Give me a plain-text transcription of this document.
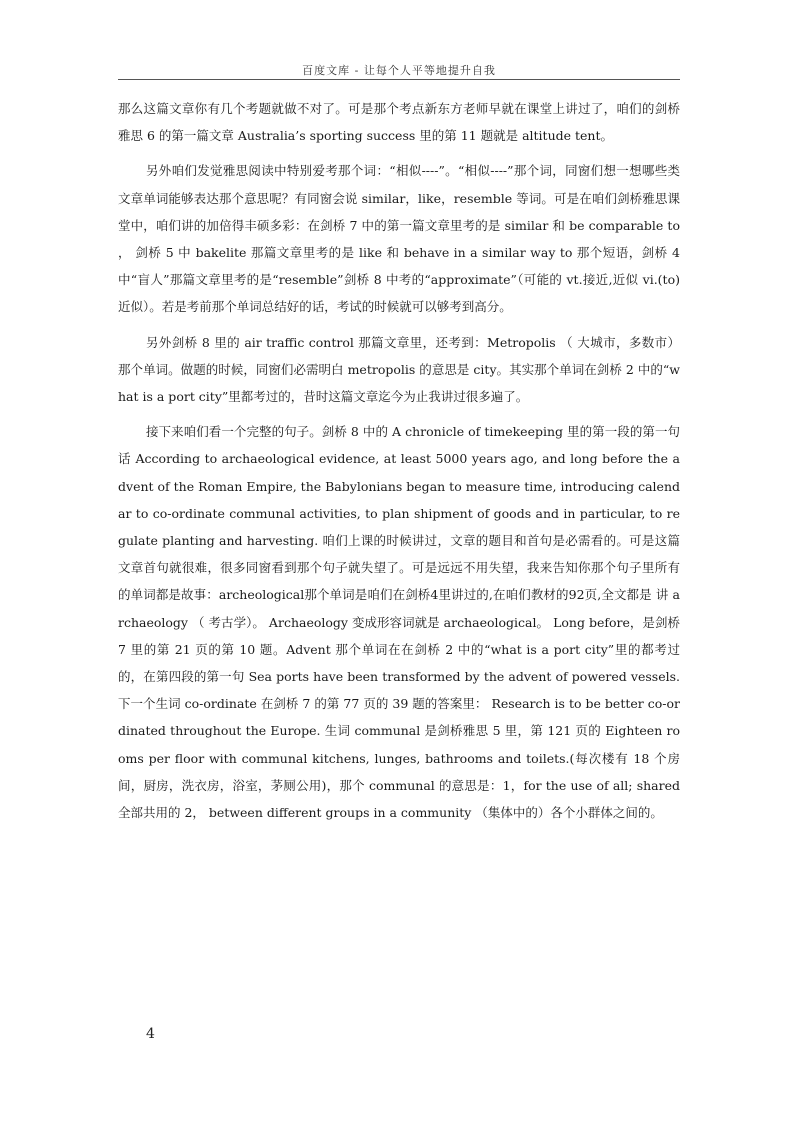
百度文库 - 让每个人平等地提升自我

那么这篇文章你有几个考题就做不对了。可是那个考点新东方老师早就在课堂上讲过了，咱们的剑桥雅思 6 的第一篇文章 Australia’s sporting success 里的第 11 题就是 altitude tent。

另外咱们发觉雅思阅读中特别爱考那个词：“相似----”。“相似----”那个词，同窗们想一想哪些类文章单词能够表达那个意思呢？有同窗会说 similar，like，resemble 等词。可是在咱们剑桥雅思课堂中，咱们讲的加倍得丰硕多彩：在剑桥 7 中的第一篇文章里考的是 similar 和 be comparable to ， 剑桥 5 中 bakelite 那篇文章里考的是 like 和 behave in a similar way to 那个短语，剑桥 4 中“盲人”那篇文章里考的是“resemble”剑桥 8 中考的“approximate”（可能的 vt.接近,近似 vi.(to)近似）。若是考前那个单词总结好的话，考试的时候就可以够考到高分。

另外剑桥 8 里的 air traffic control 那篇文章里，还考到：Metropolis （ 大城市，多数市）那个单词。做题的时候，同窗们必需明白 metropolis 的意思是 city。其实那个单词在剑桥 2 中的“what is a port city”里都考过的，昔时这篇文章迄今为止我讲过很多遍了。

接下来咱们看一个完整的句子。剑桥 8 中的 A chronicle of timekeeping 里的第一段的第一句话 According to archaeological evidence, at least 5000 years ago, and long before the advent of the Roman Empire, the Babylonians began to measure time, introducing calendar to co-ordinate communal activities, to plan shipment of goods and in particular, to regulate planting and harvesting. 咱们上课的时候讲过，文章的题目和首句是必需看的。可是这篇文章首句就很难，很多同窗看到那个句子就失望了。可是远远不用失望，我来告知你那个句子里所有的单词都是故事：archeological那个单词是咱们在剑桥4里讲过的,在咱们教材的92页,全文都是 讲 archaeology （ 考古学）。 Archaeology 变成形容词就是 archaeological。 Long before，是剑桥 7 里的第 21 页的第 10 题。Advent 那个单词在在剑桥 2 中的“what is a port city”里的都考过的，在第四段的第一句 Sea ports have been transformed by the advent of powered vessels. 下一个生词 co-ordinate 在剑桥 7 的第 77 页的 39 题的答案里： Research is to be better co-ordinated throughout the Europe. 生词 communal 是剑桥雅思 5 里，第 121 页的 Eighteen rooms per floor with communal kitchens, lunges, bathrooms and toilets.(每次楼有 18 个房间，厨房，洗衣房，浴室，茅厕公用)，那个 communal 的意思是：1，for the use of all; shared 全部共用的 2， between different groups in a community （集体中的）各个小群体之间的。

4
